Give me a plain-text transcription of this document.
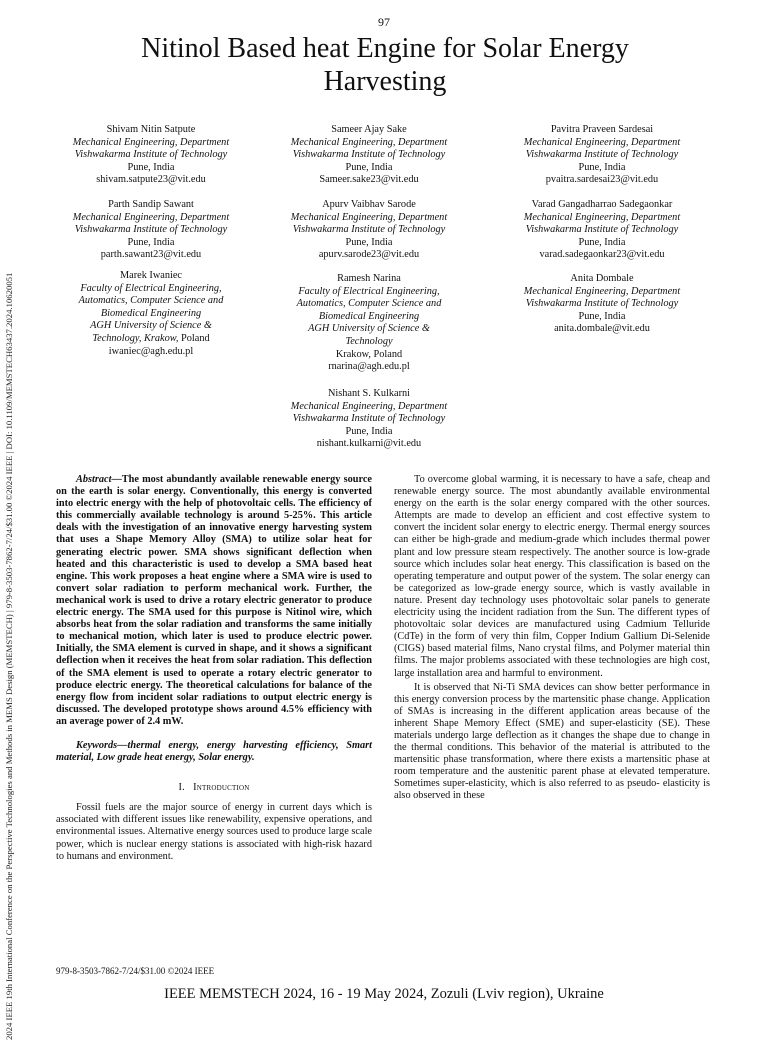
2024 IEEE 19th International Conference on the Perspective Technologies and Methods in MEMS Design (MEMSTECH) | 979-8-3503-7862-7/24/$31.00 ©2024 IEEE | DOI: 10.1109/MEMSTECH63437.2024.10620051
97
Nitinol Based heat Engine for Solar Energy
Harvesting
Shivam Nitin Satpute
Mechanical Engineering, Department
Vishwakarma Institute of Technology
Pune, India
shivam.satpute23@vit.edu
Sameer Ajay Sake
Mechanical Engineering, Department
Vishwakarma Institute of Technology
Pune, India
Sameer.sake23@vit.edu
Pavitra Praveen Sardesai
Mechanical Engineering, Department
Vishwakarma Institute of Technology
Pune, India
pvaitra.sardesai23@vit.edu
Parth Sandip Sawant
Mechanical Engineering, Department
Vishwakarma Institute of Technology
Pune, India
parth.sawant23@vit.edu
Apurv Vaibhav Sarode
Mechanical Engineering, Department
Vishwakarma Institute of Technology
Pune, India
apurv.sarode23@vit.edu
Varad Gangadharrao Sadegaonkar
Mechanical Engineering, Department
Vishwakarma Institute of Technology
Pune, India
varad.sadegaonkar23@vit.edu
Marek Iwaniec
Faculty of Electrical Engineering,
Automatics, Computer Science and
Biomedical Engineering
AGH University of Science &
Technology, Krakow, Poland
iwaniec@agh.edu.pl
Ramesh Narina
Faculty of Electrical Engineering,
Automatics, Computer Science and
Biomedical Engineering
AGH University of Science &
Technology
Krakow, Poland
rnarina@agh.edu.pl
Anita Dombale
Mechanical Engineering, Department
Vishwakarma Institute of Technology
Pune, India
anita.dombale@vit.edu
Nishant S. Kulkarni
Mechanical Engineering, Department
Vishwakarma Institute of Technology
Pune, India
nishant.kulkarni@vit.edu

Abstract—The most abundantly available renewable energy source on the earth is solar energy. Conventionally, this energy is converted into electric energy with the help of photovoltaic cells. The efficiency of this commercially available technology is around 5-25%. This article deals with the investigation of an innovative energy harvesting system that uses a Shape Memory Alloy (SMA) to utilize solar heat for generating electric power. SMA shows significant deflection when heated and this characteristic is used to develop a SMA based heat engine. This work proposes a heat engine where a SMA wire is used to convert solar radiation to perform mechanical work. Further, the mechanical work is used to drive a rotary electric generator to produce electric energy. The SMA used for this purpose is Nitinol wire, which absorbs heat from the solar radiation and transforms the same initially to mechanical motion, which later is used to produce electric power. Initially, the SMA element is curved in shape, and it shows a significant deflection when it receives the heat from solar radiation. This deflection of the SMA element is used to operate a rotary electric generator to produce electric energy. The theoretical calculations for balance of the energy flow from incident solar radiations to output electric energy is discussed. The developed prototype shows around 4.5% efficiency with an average power of 2.4 mW.

Keywords—thermal energy, energy harvesting efficiency, Smart material, Low grade heat energy, Solar energy.

I. Introduction

Fossil fuels are the major source of energy in current days which is associated with different issues like renewability, expensive operations, and environmental issues. Alternative energy sources used to produce large scale power, which is nuclear energy stations is associated with high-risk hazard to humans and environment.

To overcome global warming, it is necessary to have a safe, cheap and renewable energy source. The most abundantly available environmental energy on the earth is the solar energy compared with the other sources. Attempts are made to develop an efficient and cost effective system to convert the incident solar energy to electric energy. Thermal energy sources can either be high-grade and medium-grade which includes thermal power plant and low pressure steam respectively. The another source is low-grade source which includes solar heat energy. This classification is based on the operating temperature and output power of the system. The solar energy can be categorized as low-grade energy source, which is vastly available in nature. Present day technology uses photovoltaic solar panels to generate electricity using the incident radiation from the Sun. The different types of photovoltaic solar devices are manufactured using Cadmium Telluride (CdTe) in the form of very thin film, Copper Indium Gallium Di-Selenide (CIGS) based material films, Nano crystal films, and Polymer material thin films. The major problems associated with these technologies are high cost, large installation area and harmful to environment.

It is observed that Ni-Ti SMA devices can show better performance in this energy conversion process by the martensitic phase change. Application of SMAs is increasing in the different application areas because of the inherent Shape Memory Effect (SME) and super-elasticity (SE). These materials undergo large deflection as it changes the shape due to change in the thermal conditions. This behavior of the material is attributed to the martensitic phase transformation, where there exists a martensitic phase at room temperature and the austenitic parent phase at elevated temperature. Sometimes super-elasticity, which is also referred to as pseudo- elasticity is also observed in these

979-8-3503-7862-7/24/$31.00 ©2024 IEEE
IEEE MEMSTECH 2024, 16 - 19 May 2024, Zozuli (Lviv region), Ukraine
